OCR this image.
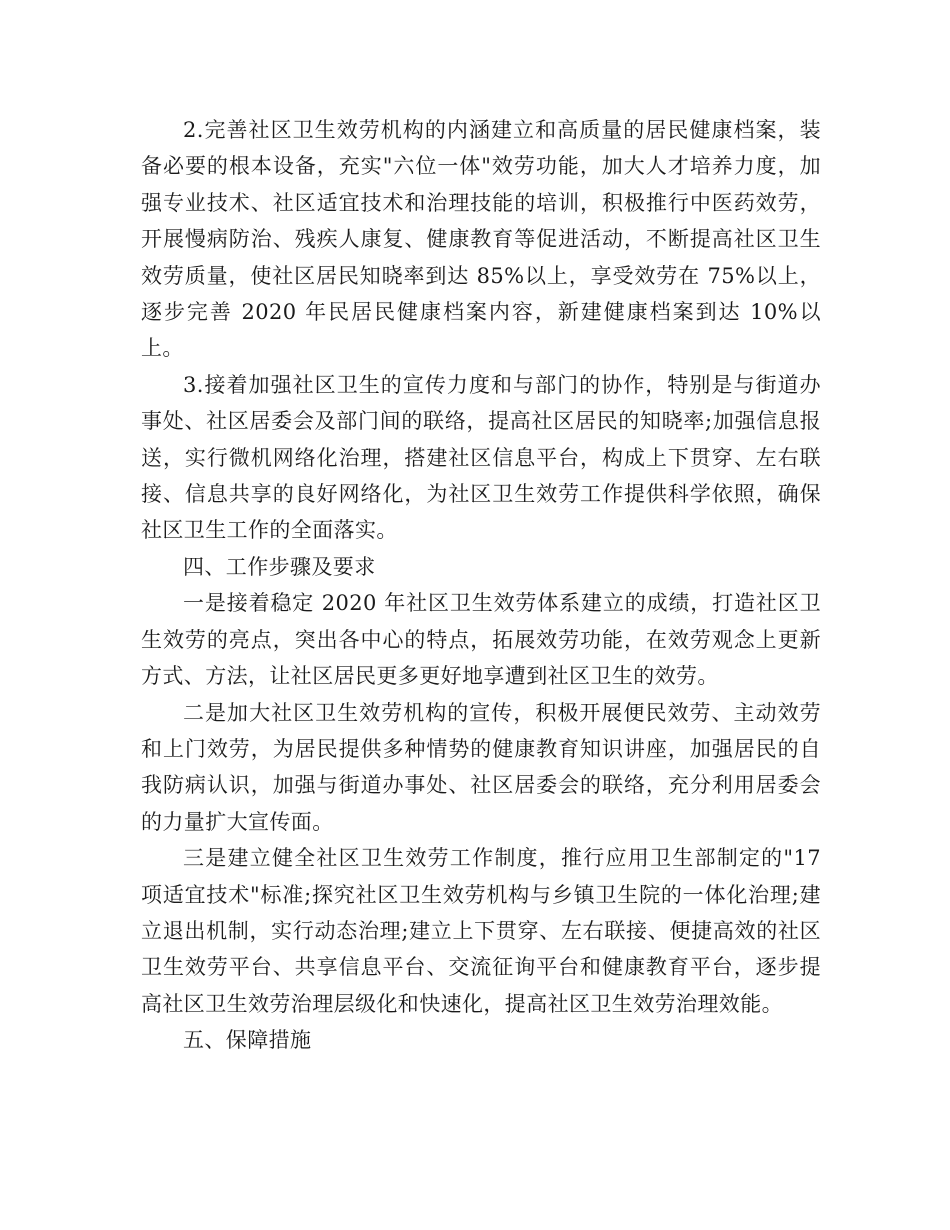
2.完善社区卫生效劳机构的内涵建立和高质量的居民健康档案，装备必要的根本设备，充实"六位一体"效劳功能，加大人才培养力度，加强专业技术、社区适宜技术和治理技能的培训，积极推行中医药效劳，开展慢病防治、残疾人康复、健康教育等促进活动，不断提高社区卫生效劳质量，使社区居民知晓率到达 85%以上，享受效劳在 75%以上，逐步完善 2020 年民居民健康档案内容，新建健康档案到达 10%以上。

3.接着加强社区卫生的宣传力度和与部门的协作，特别是与街道办事处、社区居委会及部门间的联络，提高社区居民的知晓率;加强信息报送，实行微机网络化治理，搭建社区信息平台，构成上下贯穿、左右联接、信息共享的良好网络化，为社区卫生效劳工作提供科学依照，确保社区卫生工作的全面落实。

四、工作步骤及要求

一是接着稳定 2020 年社区卫生效劳体系建立的成绩，打造社区卫生效劳的亮点，突出各中心的特点，拓展效劳功能，在效劳观念上更新方式、方法，让社区居民更多更好地享遭到社区卫生的效劳。

二是加大社区卫生效劳机构的宣传，积极开展便民效劳、主动效劳和上门效劳，为居民提供多种情势的健康教育知识讲座，加强居民的自我防病认识，加强与街道办事处、社区居委会的联络，充分利用居委会的力量扩大宣传面。

三是建立健全社区卫生效劳工作制度，推行应用卫生部制定的"17 项适宜技术"标准;探究社区卫生效劳机构与乡镇卫生院的一体化治理;建立退出机制，实行动态治理;建立上下贯穿、左右联接、便捷高效的社区卫生效劳平台、共享信息平台、交流征询平台和健康教育平台，逐步提高社区卫生效劳治理层级化和快速化，提高社区卫生效劳治理效能。

五、保障措施
